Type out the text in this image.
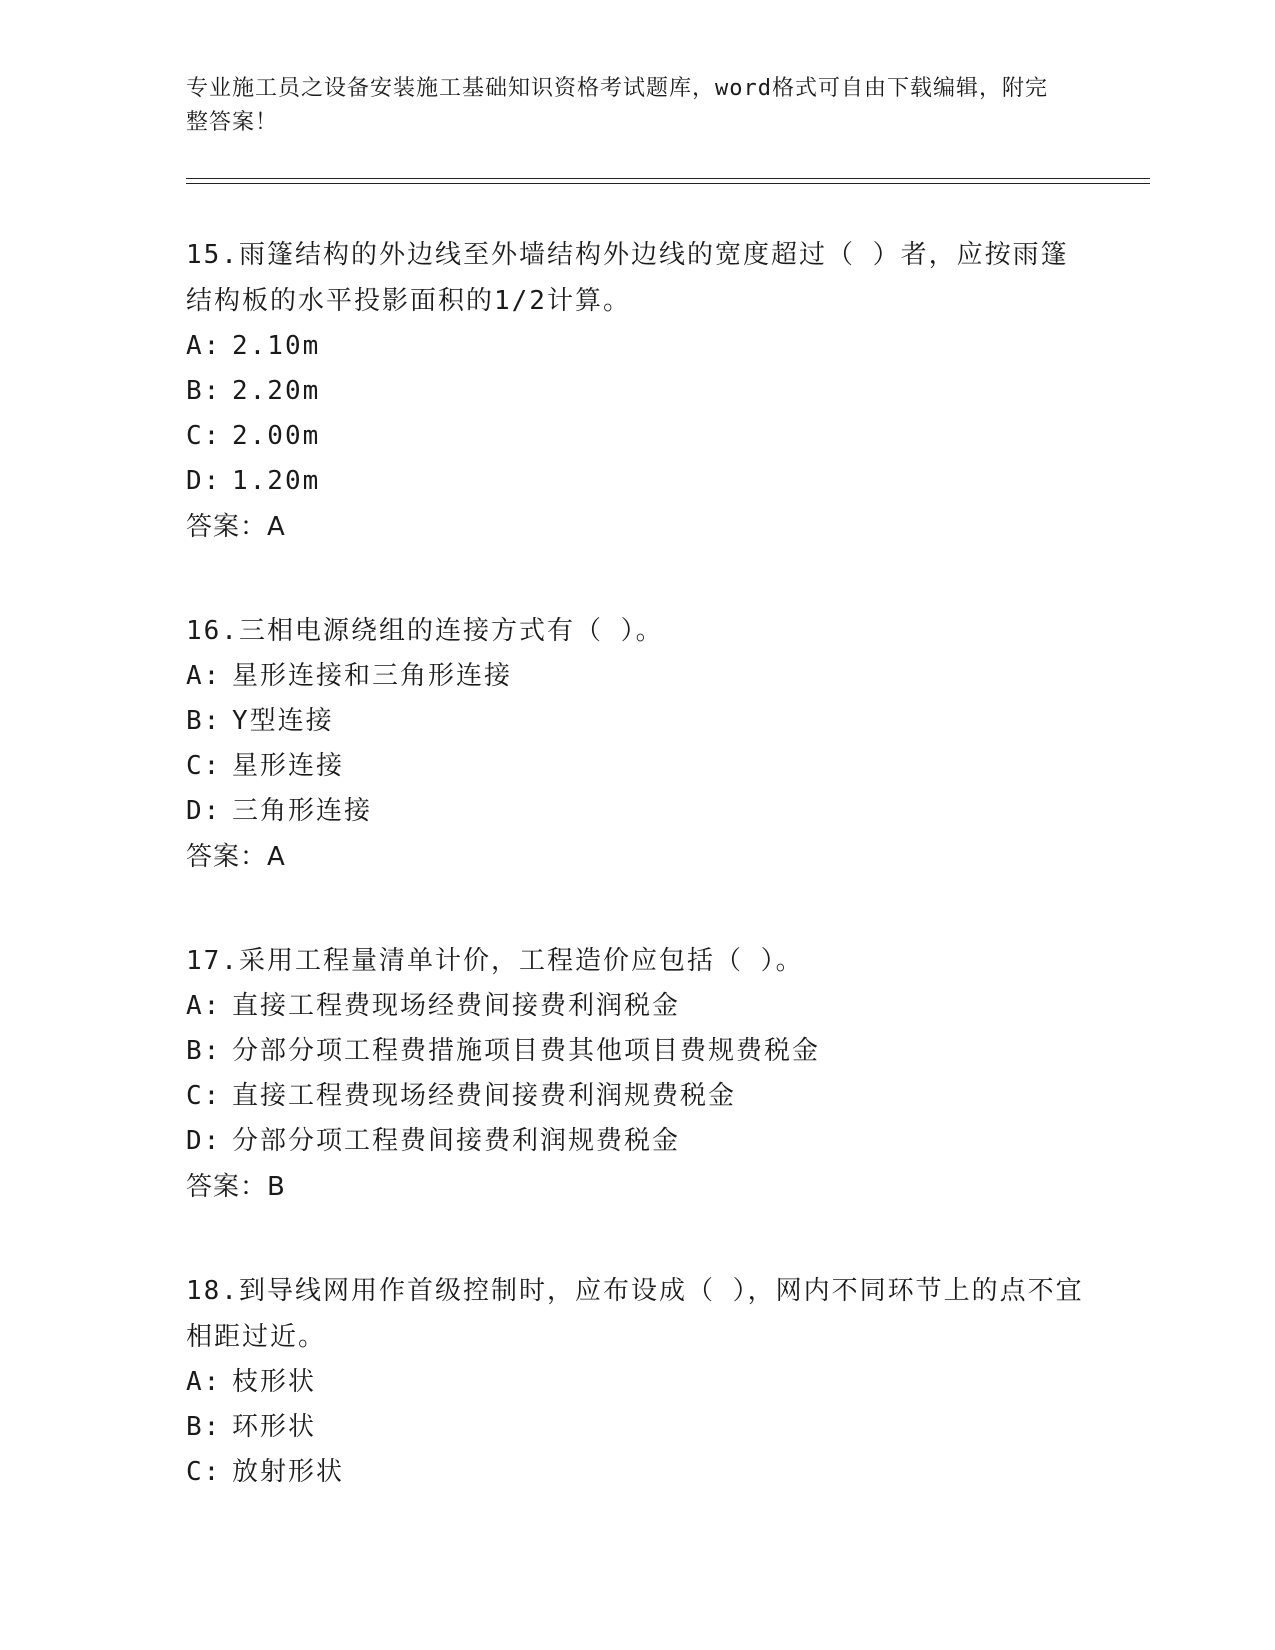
专业施工员之设备安装施工基础知识资格考试题库，word格式可自由下载编辑，附完整答案！

15.雨篷结构的外边线至外墙结构外边线的宽度超过（ ）者，应按雨篷结构板的水平投影面积的1/2计算。

A: 2.10m

B: 2.20m

C: 2.00m

D: 1.20m

答案：A

16.三相电源绕组的连接方式有（ ）。

A: 星形连接和三角形连接

B: Y型连接

C: 星形连接

D: 三角形连接

答案：A

17.采用工程量清单计价，工程造价应包括（ ）。

A: 直接工程费现场经费间接费利润税金

B: 分部分项工程费措施项目费其他项目费规费税金

C: 直接工程费现场经费间接费利润规费税金

D: 分部分项工程费间接费利润规费税金

答案：B

18.到导线网用作首级控制时，应布设成（ ），网内不同环节上的点不宜相距过近。

A: 枝形状

B: 环形状

C: 放射形状
